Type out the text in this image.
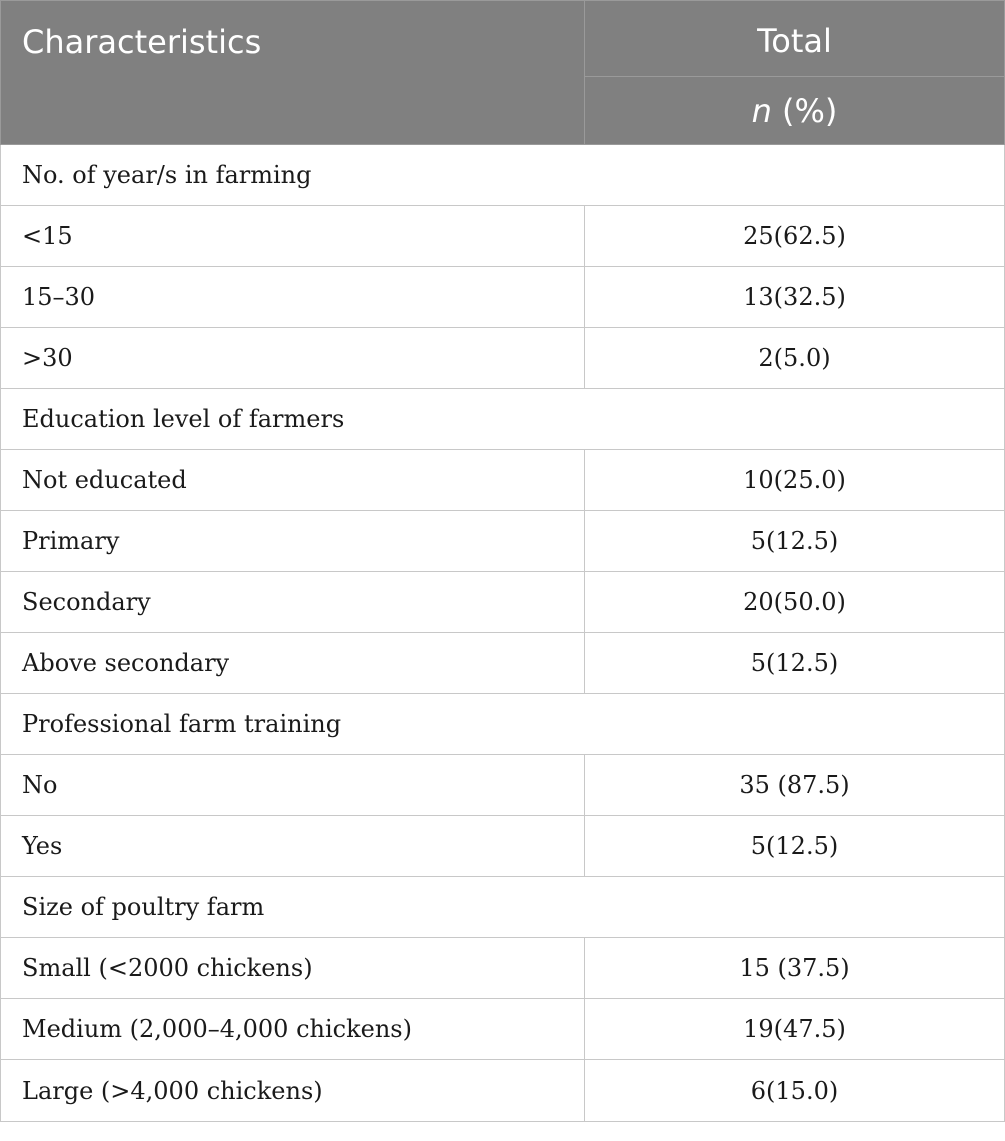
Characteristics	Total
	n (%)
No. of year/s in farming	
<15	25(62.5)
15–30	13(32.5)
>30	2(5.0)
Education level of farmers	
Not educated	10(25.0)
Primary	5(12.5)
Secondary	20(50.0)
Above secondary	5(12.5)
Professional farm training	
No	35 (87.5)
Yes	5(12.5)
Size of poultry farm	
Small (<2000 chickens)	15 (37.5)
Medium (2,000–4,000 chickens)	19(47.5)
Large (>4,000 chickens)	6(15.0)
